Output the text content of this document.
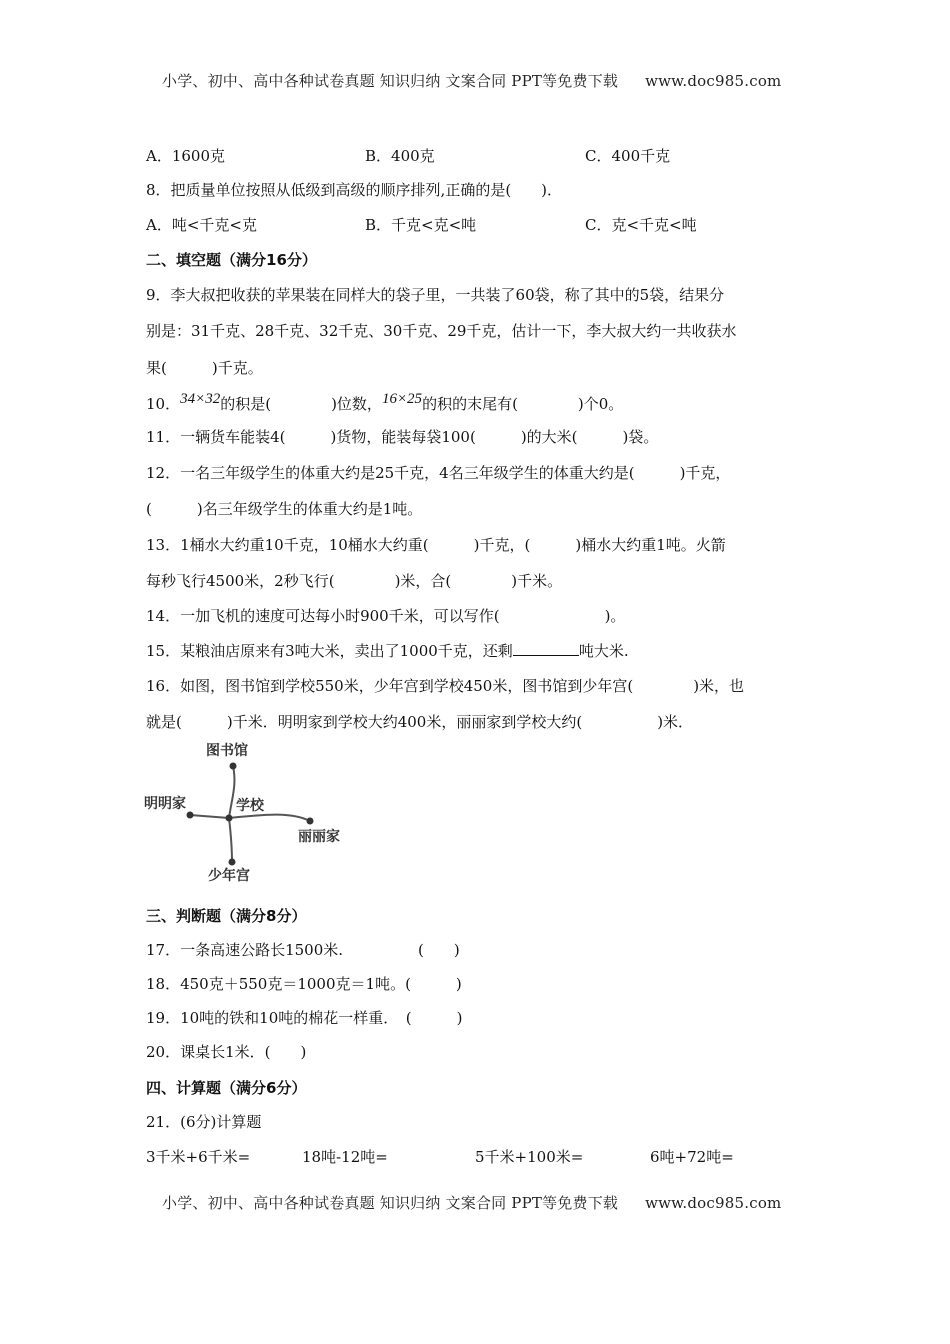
小学、初中、高中各种试卷真题 知识归纳 文案合同 PPT等免费下载 www.doc985.com
A．1600克	B．400克	C．400千克
8．把质量单位按照从低级到高级的顺序排列,正确的是(　　)．
A．吨<千克<克	B．千克<克<吨	C．克<千克<吨
二、填空题（满分16分）
9．李大叔把收获的苹果装在同样大的袋子里，一共装了60袋，称了其中的5袋，结果分
别是：31千克、28千克、32千克、30千克、29千克，估计一下，李大叔大约一共收获水
果(　　　)千克。
10．34×32的积是(　　　　)位数，16×25的积的末尾有(　　　　)个0。
11．一辆货车能装4(　　　)货物，能装每袋100(　　　)的大米(　　　)袋。
12．一名三年级学生的体重大约是25千克，4名三年级学生的体重大约是(　　　)千克，
(　　　)名三年级学生的体重大约是1吨。
13．1桶水大约重10千克，10桶水大约重(　　　)千克，(　　　)桶水大约重1吨。火箭
每秒飞行4500米，2秒飞行(　　　　)米，合(　　　　)千米。
14．一加飞机的速度可达每小时900千米，可以写作(　　　　　　　)。
15．某粮油店原来有3吨大米，卖出了1000千克，还剩	吨大米.
16．如图，图书馆到学校550米，少年宫到学校450米，图书馆到少年宫(　　　　)米，也
就是(　　　)千米．明明家到学校大约400米，丽丽家到学校大约(　　　　　)米．
图书馆
明明家	学校
丽丽家
少年宫
三、判断题（满分8分）
17．一条高速公路长1500米.　　　　　(　　)
18．450克＋550克＝1000克＝1吨。(　　　)
19．10吨的铁和10吨的棉花一样重．　(　　　)
20．课桌长1米．(　　)
四、计算题（满分6分）
21．(6分)计算题
3千米+6千米=	18吨-12吨=	5千米+100米=	6吨+72吨=
小学、初中、高中各种试卷真题 知识归纳 文案合同 PPT等免费下载 www.doc985.com
